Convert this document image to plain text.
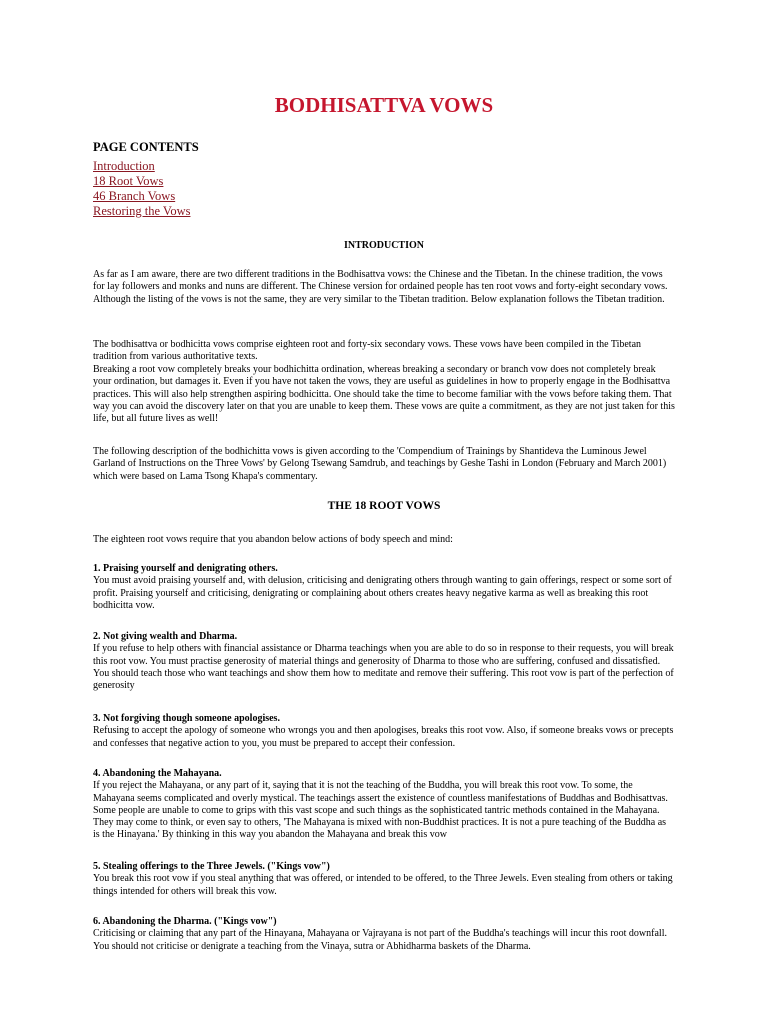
BODHISATTVA VOWS
PAGE CONTENTS
Introduction
18 Root Vows
46 Branch Vows
Restoring the Vows
INTRODUCTION

As far as I am aware, there are two different traditions in the Bodhisattva vows: the Chinese and the Tibetan. In the chinese tradition, the vows for lay followers and monks and nuns are different. The Chinese version for ordained people has ten root vows and forty-eight secondary vows. Although the listing of the vows is not the same, they are very similar to the Tibetan tradition. Below explanation follows the Tibetan tradition.

The bodhisattva or bodhicitta vows comprise eighteen root and forty-six secondary vows. These vows have been compiled in the Tibetan tradition from various authoritative texts.

Breaking a root vow completely breaks your bodhichitta ordination, whereas breaking a secondary or branch vow does not completely break your ordination, but damages it. Even if you have not taken the vows, they are useful as guidelines in how to properly engage in the Bodhisattva practices. This will also help strengthen aspiring bodhicitta. One should take the time to become familiar with the vows before taking them. That way you can avoid the discovery later on that you are unable to keep them. These vows are quite a commitment, as they are not just taken for this life, but all future lives as well!

The following description of the bodhichitta vows is given according to the 'Compendium of Trainings by Shantideva the Luminous Jewel Garland of Instructions on the Three Vows' by Gelong Tsewang Samdrub, and teachings by Geshe Tashi in London (February and March 2001) which were based on Lama Tsong Khapa's commentary.

THE 18 ROOT VOWS

The eighteen root vows require that you abandon below actions of body speech and mind:

1. Praising yourself and denigrating others.
You must avoid praising yourself and, with delusion, criticising and denigrating others through wanting to gain offerings, respect or some sort of profit. Praising yourself and criticising, denigrating or complaining about others creates heavy negative karma as well as breaking this root bodhicitta vow.
2. Not giving wealth and Dharma.
If you refuse to help others with financial assistance or Dharma teachings when you are able to do so in response to their requests, you will break this root vow. You must practise generosity of material things and generosity of Dharma to those who are suffering, confused and dissatisfied. You should teach those who want teachings and show them how to meditate and remove their suffering. This root vow is part of the perfection of generosity
3. Not forgiving though someone apologises.
Refusing to accept the apology of someone who wrongs you and then apologises, breaks this root vow. Also, if someone breaks vows or precepts and confesses that negative action to you, you must be prepared to accept their confession.
4. Abandoning the Mahayana.
If you reject the Mahayana, or any part of it, saying that it is not the teaching of the Buddha, you will break this root vow. To some, the Mahayana seems complicated and overly mystical. The teachings assert the existence of countless manifestations of Buddhas and Bodhisattvas. Some people are unable to come to grips with this vast scope and such things as the sophisticated tantric methods contained in the Mahayana. They may come to think, or even say to others, 'The Mahayana is mixed with non-Buddhist practices. It is not a pure teaching of the Buddha as is the Hinayana.' By thinking in this way you abandon the Mahayana and break this vow
5. Stealing offerings to the Three Jewels. ("Kings vow")
You break this root vow if you steal anything that was offered, or intended to be offered, to the Three Jewels. Even stealing from others or taking things intended for others will break this vow.
6. Abandoning the Dharma. ("Kings vow")
Criticising or claiming that any part of the Hinayana, Mahayana or Vajrayana is not part of the Buddha's teachings will incur this root downfall. You should not criticise or denigrate a teaching from the Vinaya, sutra or Abhidharma baskets of the Dharma.
